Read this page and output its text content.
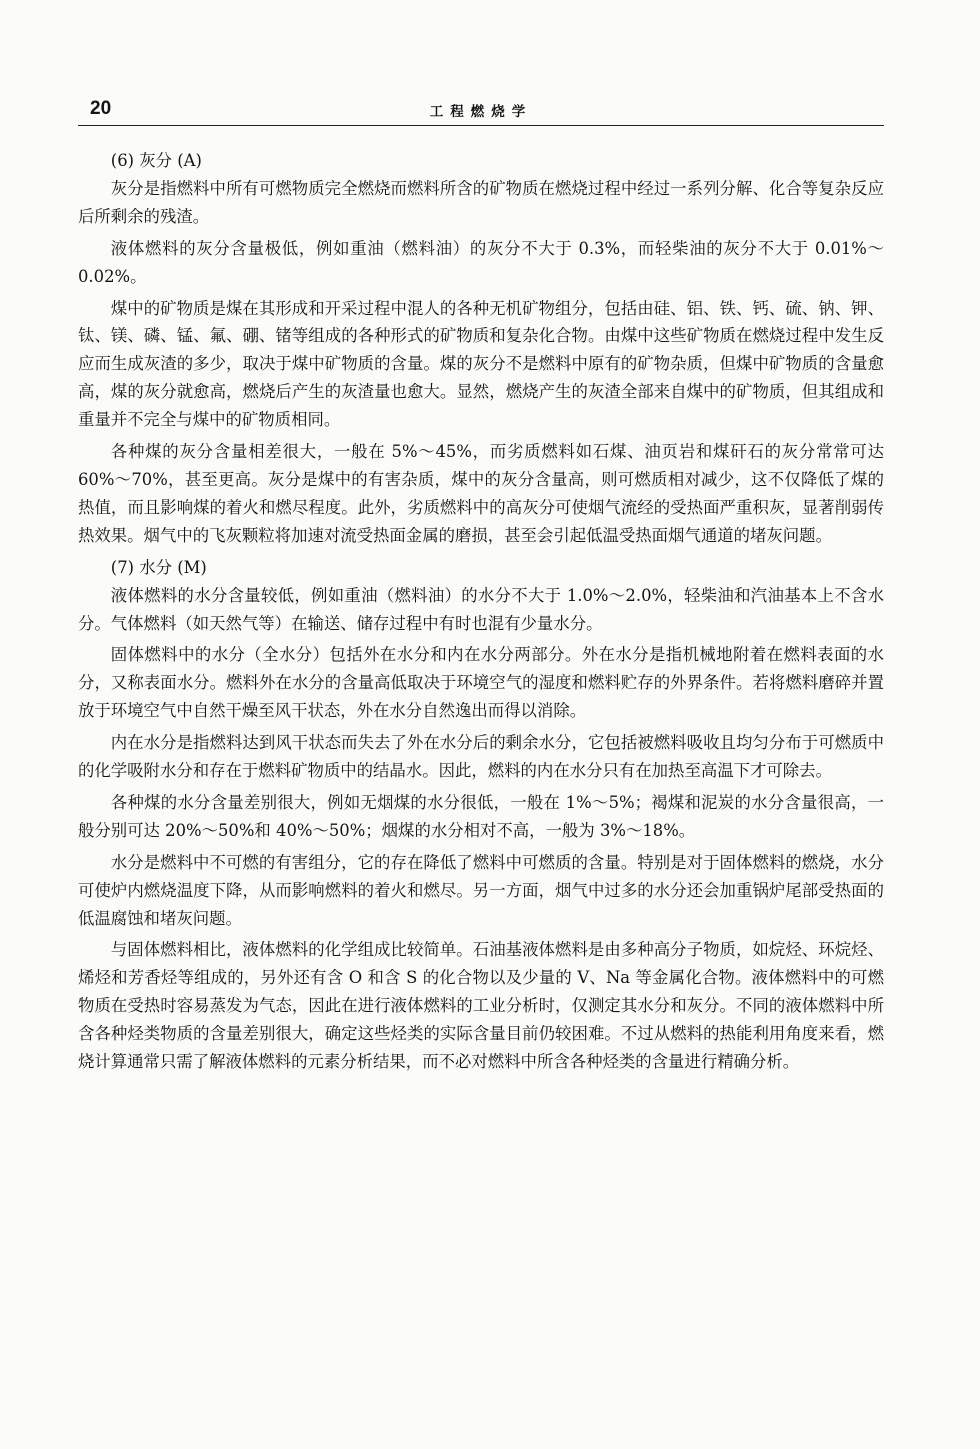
20	工程燃烧学

(6) 灰分 (A)

灰分是指燃料中所有可燃物质完全燃烧而燃料所含的矿物质在燃烧过程中经过一系列分解、化合等复杂反应后所剩余的残渣。

液体燃料的灰分含量极低，例如重油（燃料油）的灰分不大于 0.3%，而轻柴油的灰分不大于 0.01%～0.02%。

煤中的矿物质是煤在其形成和开采过程中混人的各种无机矿物组分，包括由硅、铝、铁、钙、硫、钠、钾、钛、镁、磷、锰、氟、硼、锗等组成的各种形式的矿物质和复杂化合物。由煤中这些矿物质在燃烧过程中发生反应而生成灰渣的多少，取决于煤中矿物质的含量。煤的灰分不是燃料中原有的矿物杂质，但煤中矿物质的含量愈高，煤的灰分就愈高，燃烧后产生的灰渣量也愈大。显然，燃烧产生的灰渣全部来自煤中的矿物质，但其组成和重量并不完全与煤中的矿物质相同。

各种煤的灰分含量相差很大，一般在 5%～45%，而劣质燃料如石煤、油页岩和煤矸石的灰分常常可达 60%～70%，甚至更高。灰分是煤中的有害杂质，煤中的灰分含量高，则可燃质相对减少，这不仅降低了煤的热值，而且影响煤的着火和燃尽程度。此外，劣质燃料中的高灰分可使烟气流经的受热面严重积灰，显著削弱传热效果。烟气中的飞灰颗粒将加速对流受热面金属的磨损，甚至会引起低温受热面烟气通道的堵灰问题。

(7) 水分 (M)

液体燃料的水分含量较低，例如重油（燃料油）的水分不大于 1.0%～2.0%，轻柴油和汽油基本上不含水分。气体燃料（如天然气等）在输送、储存过程中有时也混有少量水分。

固体燃料中的水分（全水分）包括外在水分和内在水分两部分。外在水分是指机械地附着在燃料表面的水分，又称表面水分。燃料外在水分的含量高低取决于环境空气的湿度和燃料贮存的外界条件。若将燃料磨碎并置放于环境空气中自然干燥至风干状态，外在水分自然逸出而得以消除。

内在水分是指燃料达到风干状态而失去了外在水分后的剩余水分，它包括被燃料吸收且均匀分布于可燃质中的化学吸附水分和存在于燃料矿物质中的结晶水。因此，燃料的内在水分只有在加热至高温下才可除去。

各种煤的水分含量差别很大，例如无烟煤的水分很低，一般在 1%～5%；褐煤和泥炭的水分含量很高，一般分别可达 20%～50%和 40%～50%；烟煤的水分相对不高，一般为 3%～18%。

水分是燃料中不可燃的有害组分，它的存在降低了燃料中可燃质的含量。特别是对于固体燃料的燃烧，水分可使炉内燃烧温度下降，从而影响燃料的着火和燃尽。另一方面，烟气中过多的水分还会加重锅炉尾部受热面的低温腐蚀和堵灰问题。

与固体燃料相比，液体燃料的化学组成比较简单。石油基液体燃料是由多种高分子物质，如烷烃、环烷烃、烯烃和芳香烃等组成的，另外还有含 O 和含 S 的化合物以及少量的 V、Na 等金属化合物。液体燃料中的可燃物质在受热时容易蒸发为气态，因此在进行液体燃料的工业分析时，仅测定其水分和灰分。不同的液体燃料中所含各种烃类物质的含量差别很大，确定这些烃类的实际含量目前仍较困难。不过从燃料的热能利用角度来看，燃烧计算通常只需了解液体燃料的元素分析结果，而不必对燃料中所含各种烃类的含量进行精确分析。
